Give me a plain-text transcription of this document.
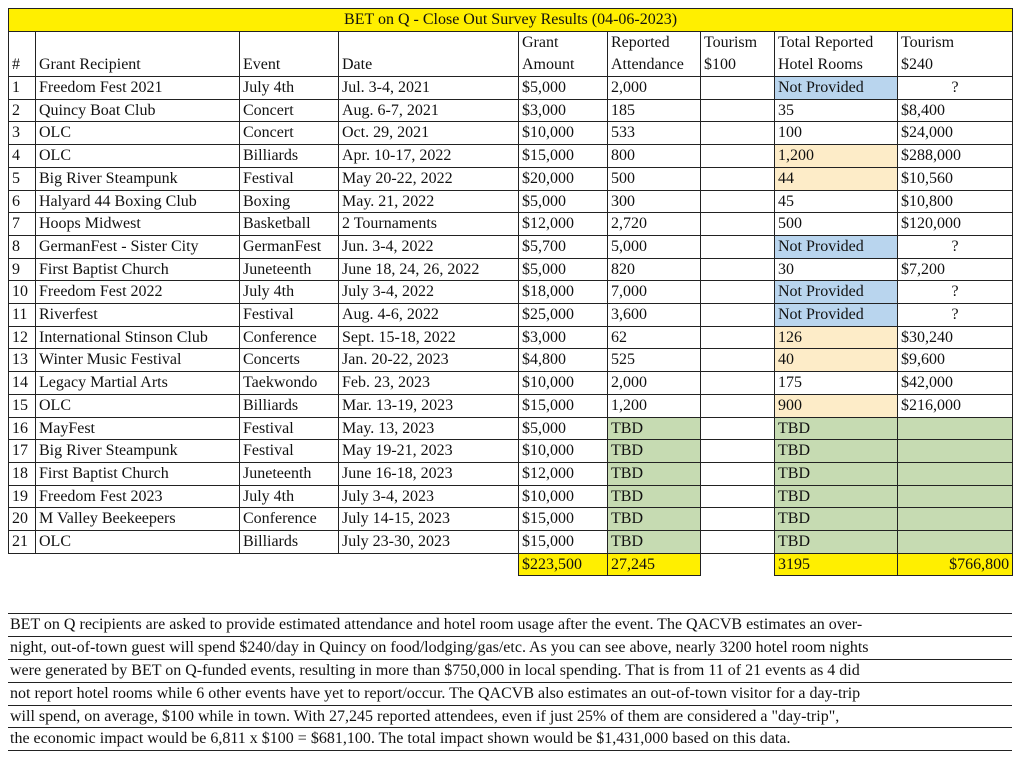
BET on Q - Close Out Survey Results (04-06-2023)								
				Grant	Reported	Tourism	Total Reported	Tourism
#	Grant Recipient	Event	Date	Amount	Attendance	$100	Hotel Rooms	$240
1	Freedom Fest 2021	July 4th	Jul. 3-4, 2021	$5,000	2,000		Not Provided	?
2	Quincy Boat Club	Concert	Aug. 6-7, 2021	$3,000	185		35	$8,400
3	OLC	Concert	Oct. 29, 2021	$10,000	533		100	$24,000
4	OLC	Billiards	Apr. 10-17, 2022	$15,000	800		1,200	$288,000
5	Big River Steampunk	Festival	May 20-22, 2022	$20,000	500		44	$10,560
6	Halyard 44 Boxing Club	Boxing	May. 21, 2022	$5,000	300		45	$10,800
7	Hoops Midwest	Basketball	2 Tournaments	$12,000	2,720		500	$120,000
8	GermanFest - Sister City	GermanFest	Jun. 3-4, 2022	$5,700	5,000		Not Provided	?
9	First Baptist Church	Juneteenth	June 18, 24, 26, 2022	$5,000	820		30	$7,200
10	Freedom Fest 2022	July 4th	July 3-4, 2022	$18,000	7,000		Not Provided	?
11	Riverfest	Festival	Aug. 4-6, 2022	$25,000	3,600		Not Provided	?
12	International Stinson Club	Conference	Sept. 15-18, 2022	$3,000	62		126	$30,240
13	Winter Music Festival	Concerts	Jan. 20-22, 2023	$4,800	525		40	$9,600
14	Legacy Martial Arts	Taekwondo	Feb. 23, 2023	$10,000	2,000		175	$42,000
15	OLC	Billiards	Mar. 13-19, 2023	$15,000	1,200		900	$216,000
16	MayFest	Festival	May. 13, 2023	$5,000	TBD		TBD	
17	Big River Steampunk	Festival	May 19-21, 2023	$10,000	TBD		TBD	
18	First Baptist Church	Juneteenth	June 16-18, 2023	$12,000	TBD		TBD	
19	Freedom Fest 2023	July 4th	July 3-4, 2023	$10,000	TBD		TBD	
20	M Valley Beekeepers	Conference	July 14-15, 2023	$15,000	TBD		TBD	
21	OLC	Billiards	July 23-30, 2023	$15,000	TBD		TBD	
				$223,500	27,245		3195	$766,800
BET on Q recipients are asked to provide estimated attendance and hotel room usage after the event. The QACVB estimates an over-
night, out-of-town guest will spend $240/day in Quincy on food/lodging/gas/etc. As you can see above, nearly 3200 hotel room nights
were generated by BET on Q-funded events, resulting in more than $750,000 in local spending. That is from 11 of 21 events as 4 did
not report hotel rooms while 6 other events have yet to report/occur. The QACVB also estimates an out-of-town visitor for a day-trip
will spend, on average, $100 while in town. With 27,245 reported attendees, even if just 25% of them are considered a "day-trip",
the economic impact would be 6,811 x $100 = $681,100. The total impact shown would be $1,431,000 based on this data.
